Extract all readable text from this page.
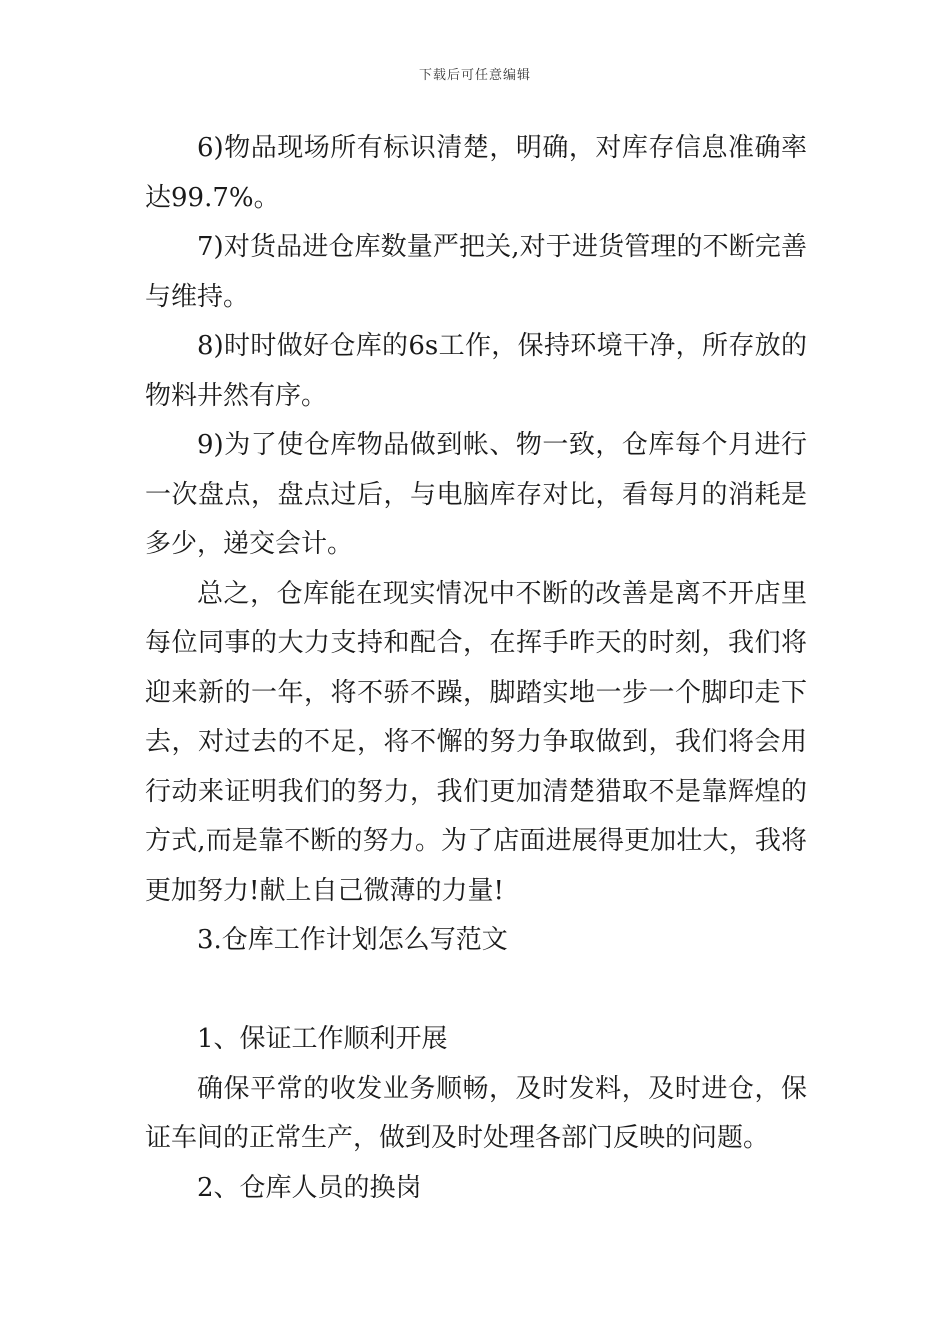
下载后可任意编辑

6)物品现场所有标识清楚，明确，对库存信息准确率达99.7%。

7)对货品进仓库数量严把关,对于进货管理的不断完善与维持。

8)时时做好仓库的6s工作，保持环境干净，所存放的物料井然有序。

9)为了使仓库物品做到帐、物一致，仓库每个月进行一次盘点，盘点过后，与电脑库存对比，看每月的消耗是多少，递交会计。

总之，仓库能在现实情况中不断的改善是离不开店里每位同事的大力支持和配合，在挥手昨天的时刻，我们将迎来新的一年，将不骄不躁，脚踏实地一步一个脚印走下去，对过去的不足，将不懈的努力争取做到，我们将会用行动来证明我们的努力，我们更加清楚猎取不是靠辉煌的方式,而是靠不断的努力。为了店面进展得更加壮大，我将更加努力!献上自己微薄的力量!

3.仓库工作计划怎么写范文

1、保证工作顺利开展

确保平常的收发业务顺畅，及时发料，及时进仓，保证车间的正常生产，做到及时处理各部门反映的问题。

2、仓库人员的换岗
